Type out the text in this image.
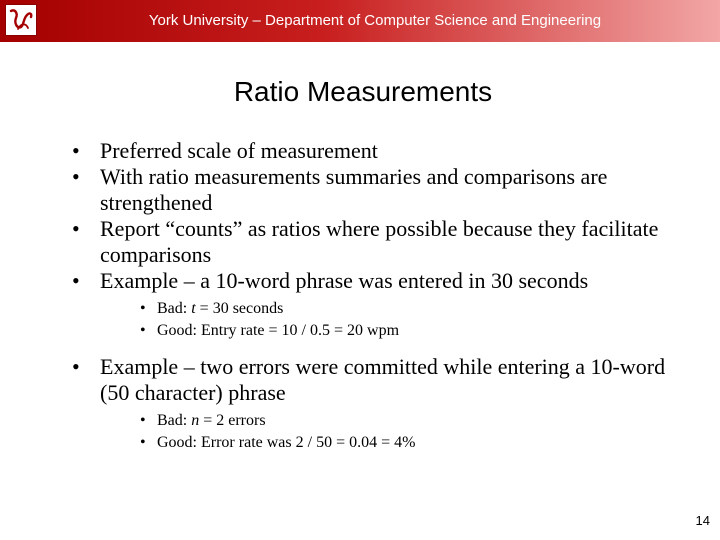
York University – Department of Computer Science and Engineering
Ratio Measurements
• Preferred scale of measurement
• With ratio measurements summaries and comparisons are strengthened
• Report “counts” as ratios where possible because they facilitate comparisons
• Example – a 10-word phrase was entered in 30 seconds
• Bad: t = 30 seconds
• Good: Entry rate = 10 / 0.5 = 20 wpm
• Example – two errors were committed while entering a 10-word (50 character) phrase
• Bad: n = 2 errors
• Good: Error rate was 2 / 50 = 0.04 = 4%
14
